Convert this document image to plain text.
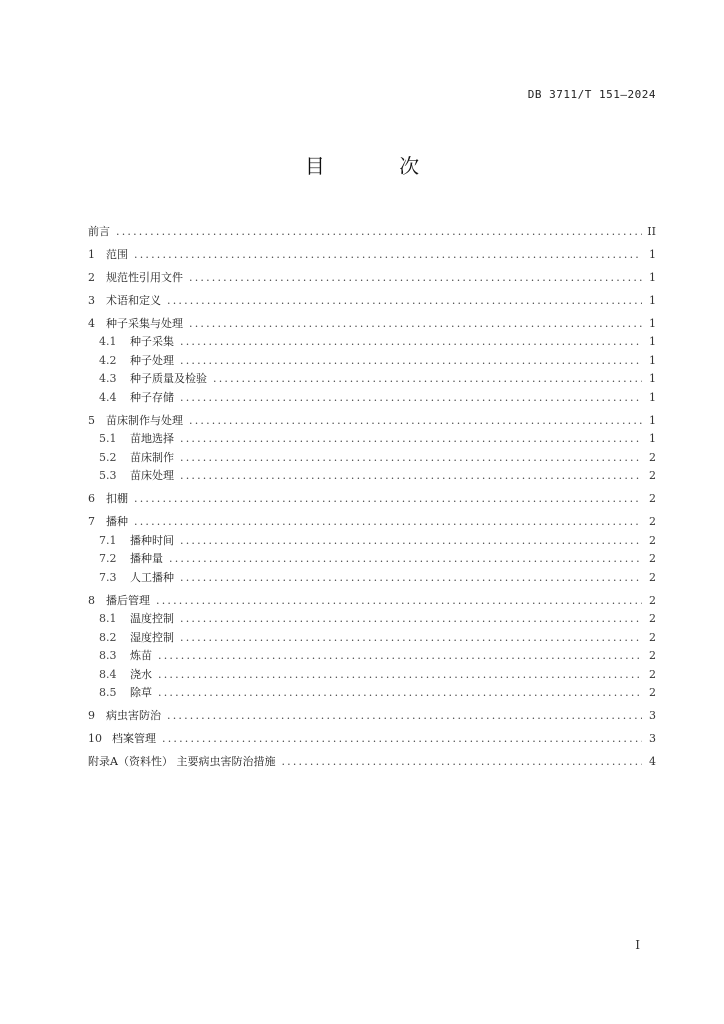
DB 3711/T 151—2024
目 次
前言 .....	II
1	范围 .....	1
2	规范性引用文件 .....	1
3	术语和定义 .....	1
4	种子采集与处理 .....	1
4.1	种子采集 .....	1
4.2	种子处理 .....	1
4.3	种子质量及检验 .....	1
4.4	种子存储 .....	1
5	苗床制作与处理 .....	1
5.1	苗地选择 .....	1
5.2	苗床制作 .....	2
5.3	苗床处理 .....	2
6	扣棚 .....	2
7	播种 .....	2
7.1	播种时间 .....	2
7.2	播种量 .....	2
7.3	人工播种 .....	2
8	播后管理 .....	2
8.1	温度控制 .....	2
8.2	湿度控制 .....	2
8.3	炼苗 .....	2
8.4	浇水 .....	2
8.5	除草 .....	2
9	病虫害防治 .....	3
10 档案管理 .....	3
附录A（资料性） 主要病虫害防治措施 .....	4
I
